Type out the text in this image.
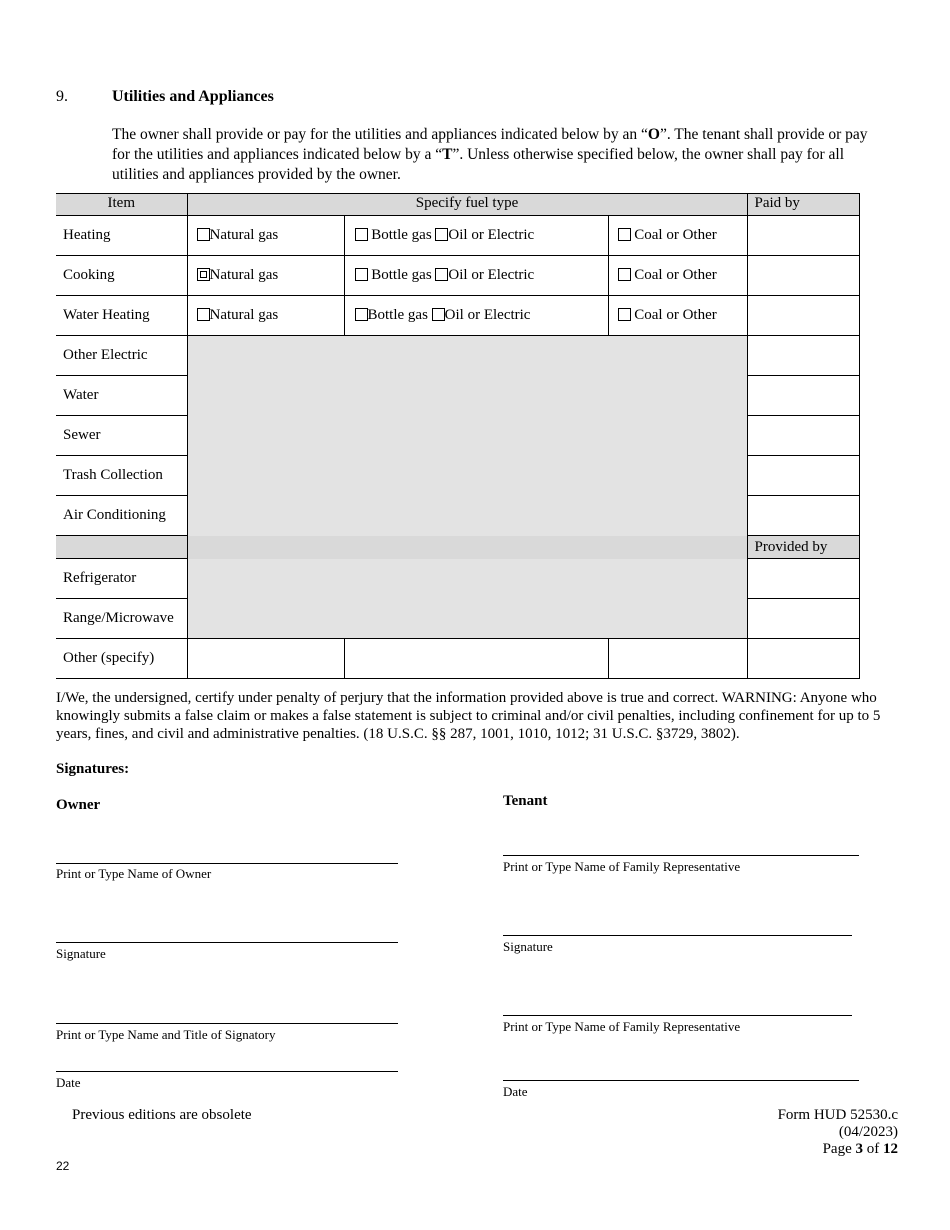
9.	Utilities and Appliances
The owner shall provide or pay for the utilities and appliances indicated below by an “O”. The tenant shall provide or pay for the utilities and appliances indicated below by a “T”. Unless otherwise specified below, the owner shall pay for all utilities and appliances provided by the owner.
Item	Specify fuel type			Paid by
Heating	Natural gas	Bottle gas Oil or Electric	Coal or Other	
Cooking	Natural gas	Bottle gas Oil or Electric	Coal or Other	
Water Heating	Natural gas	Bottle gas Oil or Electric	Coal or Other	
Other Electric				
Water				
Sewer				
Trash Collection				
Air Conditioning				
				Provided by
Refrigerator				
Range/Microwave				
Other (specify)				
I/We, the undersigned, certify under penalty of perjury that the information provided above is true and correct. WARNING: Anyone who knowingly submits a false claim or makes a false statement is subject to criminal and/or civil penalties, including confinement for up to 5 years, fines, and civil and administrative penalties. (18 U.S.C. §§ 287, 1001, 1010, 1012; 31 U.S.C. §3729, 3802).
Signatures:
Owner	Tenant
Print or Type Name of Owner
Signature
Print or Type Name and Title of Signatory
Date
Print or Type Name of Family Representative
Signature
Print or Type Name of Family Representative
Date
Previous editions are obsolete	Form HUD 52530.c
(04/2023)
Page 3 of 12
22
